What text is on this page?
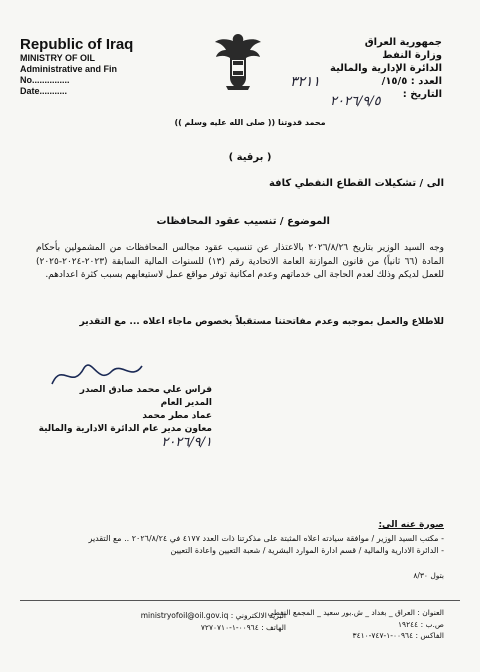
Republic of Iraq
MINISTRY OF OIL
Administrative and Fin
No...............
Date...........
جمهورية العراق
وزارة النفط
الدائرة الإدارية والمالية
العدد : ١٥/٥/
التاريخ :
٣٢١١
٢٠٢٦/٩/٥
محمد قدوتنا (( صلى الله عليه وسلم ))
( برقية )
الى / تشكيلات القطاع النفطي كافة
الموضوع / تنسيب عقود المحافظات
وجه السيد الوزير بتاريخ ٢٠٢٦/٨/٢٦ بالاعتذار عن تنسيب عقود مجالس المحافظات من المشمولين بأحكام المادة (٦٦ ثانياً) من قانون الموازنة العامة الاتحادية رقم (١٣) للسنوات المالية السابقة (٢٠٢٣-٢٠٢٤-٢٠٢٥) للعمل لديكم وذلك لعدم الحاجة الى خدماتهم وعدم امكانية توفر مواقع عمل لاستيعابهم بسبب كثرة اعدادهم.
للاطلاع والعمل بموجبه وعدم مفاتحتنا مستقبلاً بخصوص ماجاء اعلاه ... مع التقدير
فراس علي محمد صادق الصدر
المدير العام
عماد مطر محمد
معاون مدير عام الدائرة الادارية والمالية
٢٠٢٦/٩/١
صورة عنه الى:
- مكتب السيد الوزير / موافقة سيادته اعلاه المثبتة على مذكرتنا ذات العدد ٤١٧٧ في ٢٠٢٦/٨/٢٤ .. مع التقدير
- الدائرة الادارية والمالية / قسم ادارة الموارد البشرية / شعبة التعيين واعادة التعيين
بتول ٨/٣٠
العنوان : العراق _ بغداد _ ش.بور سعيد _ المجمع النفطي
ص.ب : ١٩٢٤٤
الفاكس : ٠٠٩٦٤-١-٧٤٧-٣٤١٠
البريد الالكتروني : ministryofoil@oil.gov.iq
الهاتف : ٠٠٩٦٤-١-٧٢٧٠٧١٠
